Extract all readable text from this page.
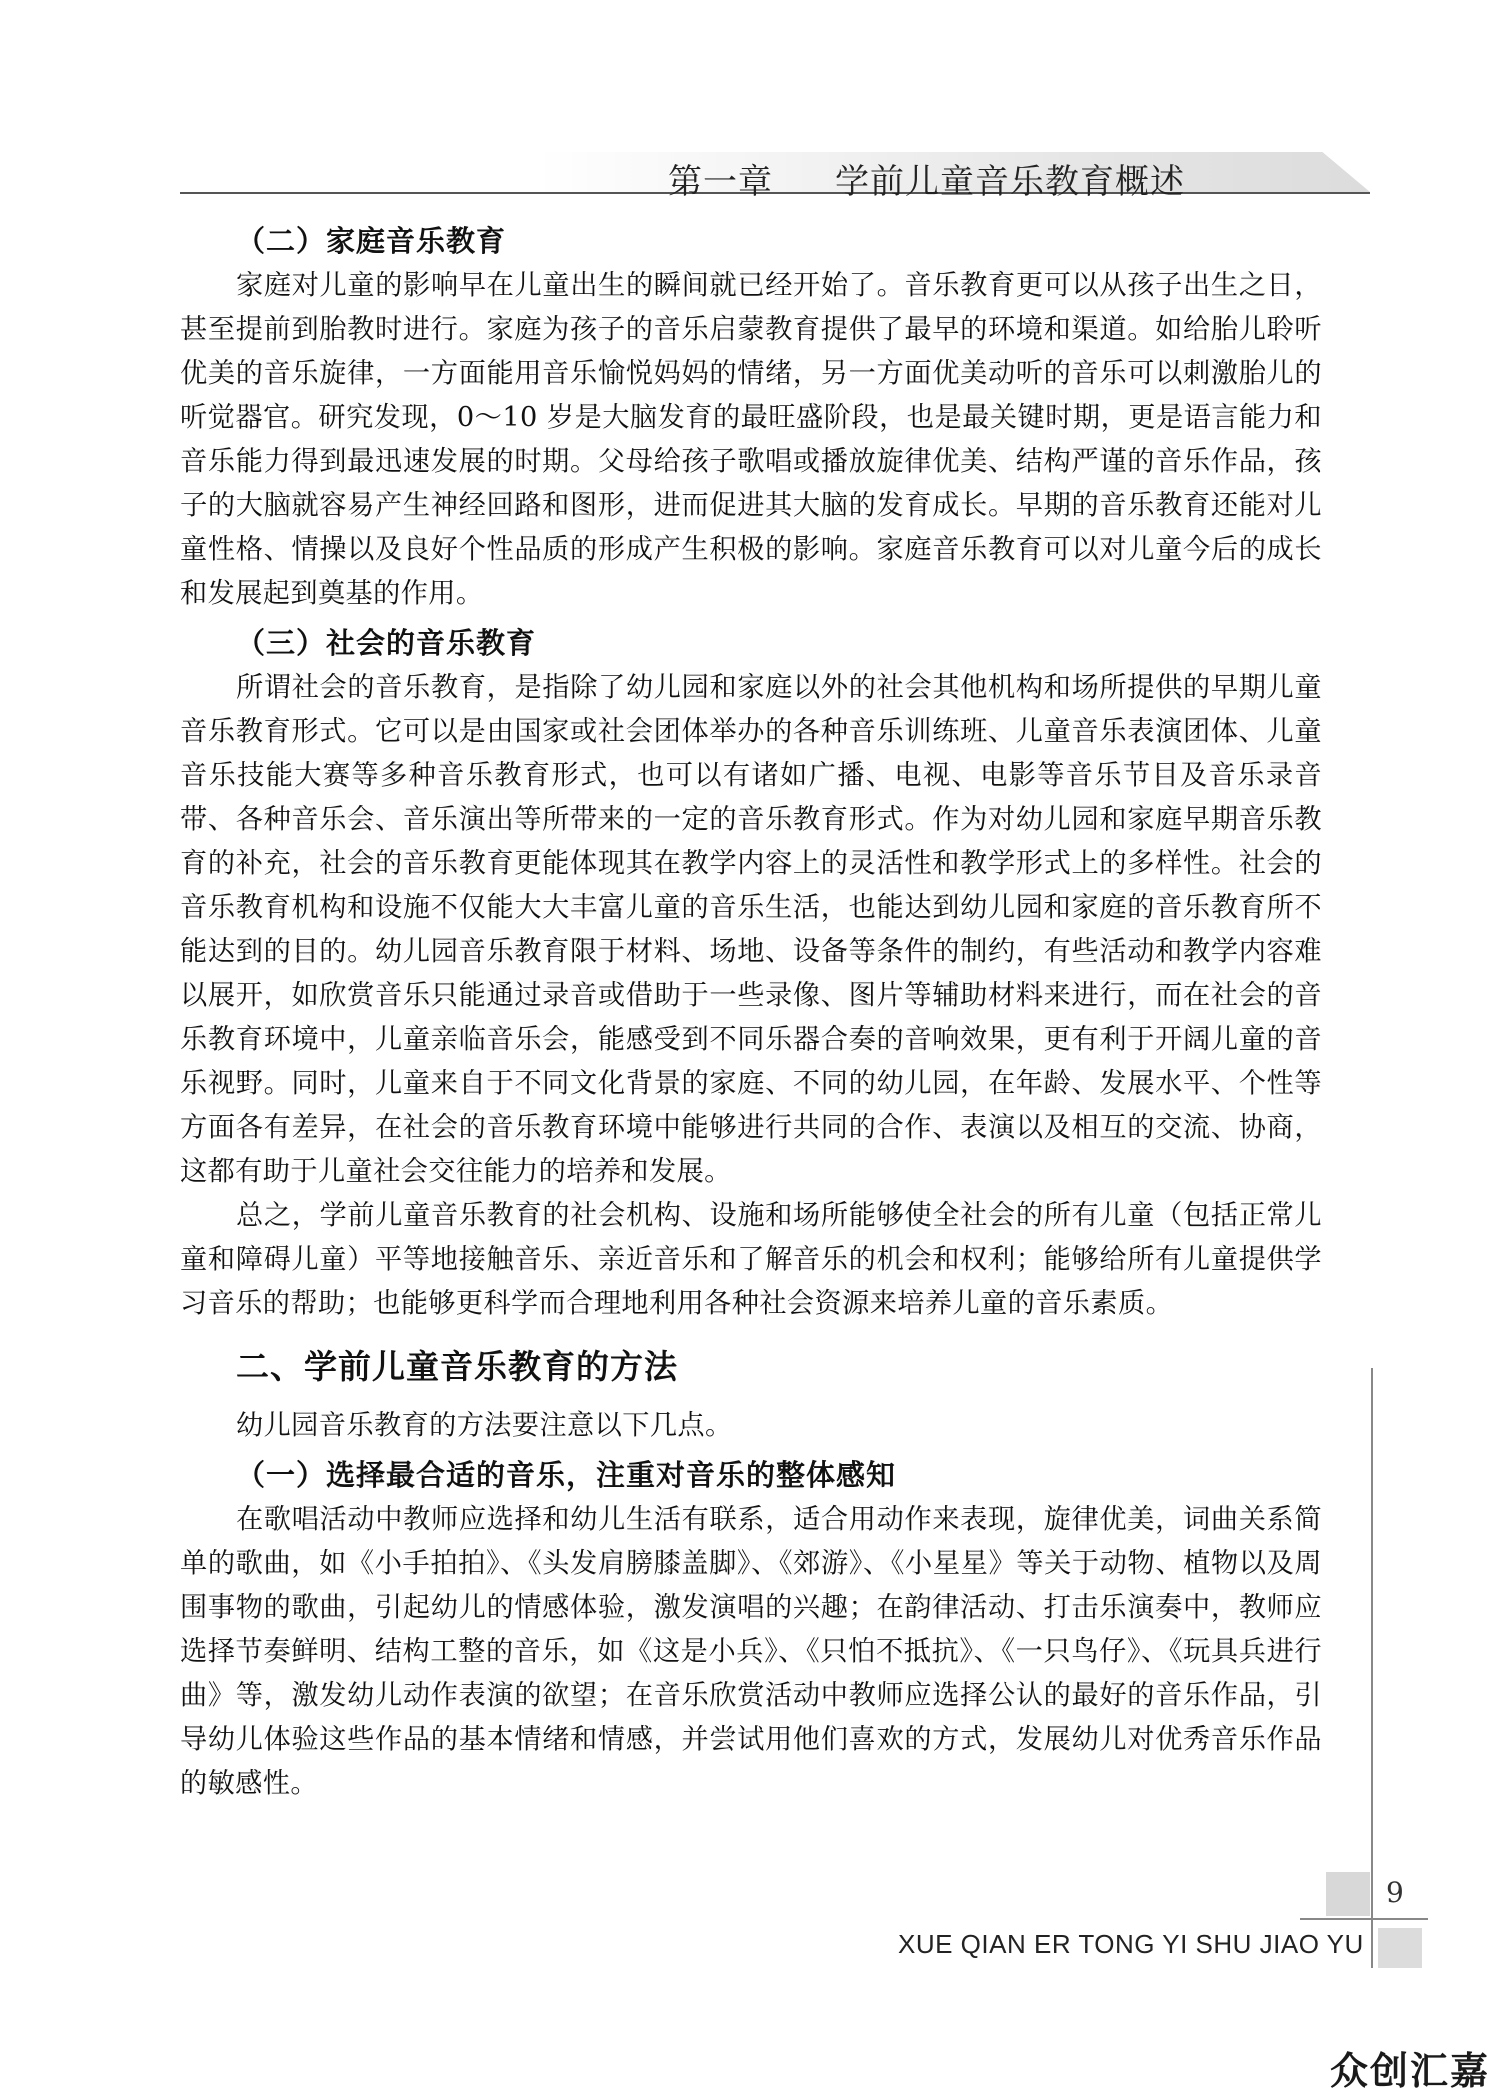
第一章 学前儿童音乐教育概述
（二）家庭音乐教育

家庭对儿童的影响早在儿童出生的瞬间就已经开始了。音乐教育更可以从孩子出生之日，甚至提前到胎教时进行。家庭为孩子的音乐启蒙教育提供了最早的环境和渠道。如给胎儿聆听优美的音乐旋律，一方面能用音乐愉悦妈妈的情绪，另一方面优美动听的音乐可以刺激胎儿的听觉器官。研究发现，0～10 岁是大脑发育的最旺盛阶段，也是最关键时期，更是语言能力和音乐能力得到最迅速发展的时期。父母给孩子歌唱或播放旋律优美、结构严谨的音乐作品，孩子的大脑就容易产生神经回路和图形，进而促进其大脑的发育成长。早期的音乐教育还能对儿童性格、情操以及良好个性品质的形成产生积极的影响。家庭音乐教育可以对儿童今后的成长和发展起到奠基的作用。

（三）社会的音乐教育

所谓社会的音乐教育，是指除了幼儿园和家庭以外的社会其他机构和场所提供的早期儿童音乐教育形式。它可以是由国家或社会团体举办的各种音乐训练班、儿童音乐表演团体、儿童音乐技能大赛等多种音乐教育形式，也可以有诸如广播、电视、电影等音乐节目及音乐录音带、各种音乐会、音乐演出等所带来的一定的音乐教育形式。作为对幼儿园和家庭早期音乐教育的补充，社会的音乐教育更能体现其在教学内容上的灵活性和教学形式上的多样性。社会的音乐教育机构和设施不仅能大大丰富儿童的音乐生活，也能达到幼儿园和家庭的音乐教育所不能达到的目的。幼儿园音乐教育限于材料、场地、设备等条件的制约，有些活动和教学内容难以展开，如欣赏音乐只能通过录音或借助于一些录像、图片等辅助材料来进行，而在社会的音乐教育环境中，儿童亲临音乐会，能感受到不同乐器合奏的音响效果，更有利于开阔儿童的音乐视野。同时，儿童来自于不同文化背景的家庭、不同的幼儿园，在年龄、发展水平、个性等方面各有差异，在社会的音乐教育环境中能够进行共同的合作、表演以及相互的交流、协商，这都有助于儿童社会交往能力的培养和发展。

总之，学前儿童音乐教育的社会机构、设施和场所能够使全社会的所有儿童（包括正常儿童和障碍儿童）平等地接触音乐、亲近音乐和了解音乐的机会和权利；能够给所有儿童提供学习音乐的帮助；也能够更科学而合理地利用各种社会资源来培养儿童的音乐素质。

二、学前儿童音乐教育的方法

幼儿园音乐教育的方法要注意以下几点。

（一）选择最合适的音乐，注重对音乐的整体感知

在歌唱活动中教师应选择和幼儿生活有联系，适合用动作来表现，旋律优美，词曲关系简单的歌曲，如《小手拍拍》、《头发肩膀膝盖脚》、《郊游》、《小星星》等关于动物、植物以及周围事物的歌曲，引起幼儿的情感体验，激发演唱的兴趣；在韵律活动、打击乐演奏中，教师应选择节奏鲜明、结构工整的音乐，如《这是小兵》、《只怕不抵抗》、《一只鸟仔》、《玩具兵进行曲》等，激发幼儿动作表演的欲望；在音乐欣赏活动中教师应选择公认的最好的音乐作品，引导幼儿体验这些作品的基本情绪和情感，并尝试用他们喜欢的方式，发展幼儿对优秀音乐作品的敏感性。

9
XUE QIAN ER TONG YI SHU JIAO YU
众创汇嘉
